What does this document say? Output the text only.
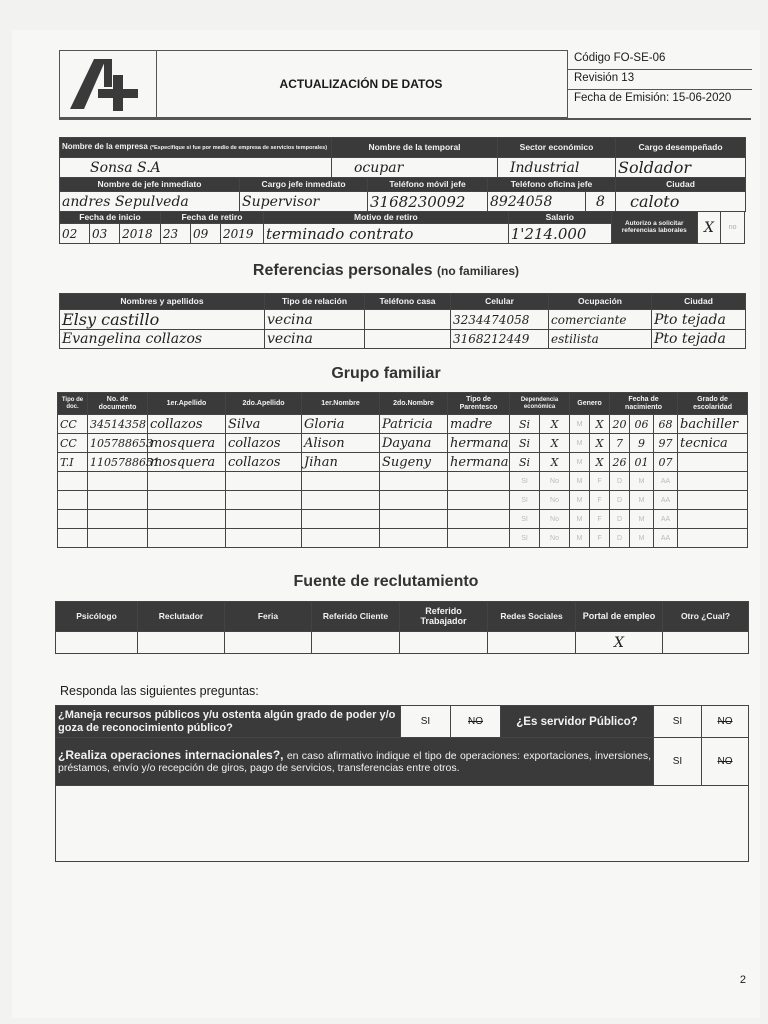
ACTUALIZACIÓN DE DATOS
Código FO-SE-06
Revisión 13
Fecha de Emisión: 15-06-2020
Nombre de la empresa (*Especifique si fue por medio de empresa de servicios temporales)	Nombre de la temporal	Sector económico	Cargo desempeñado
Sonsa S.A	ocupar	Industrial	Soldador
Nombre de jefe inmediato	Cargo jefe inmediato	Teléfono móvil jefe	Teléfono oficina jefe		Ciudad
andres Sepulveda	Supervisor	3168230092	8924058	8	caloto
Fecha de inicio			Fecha de retiro			Motivo de retiro	Salario	Autorizo a solicitar referencias laborales	X	no
02	03	2018	23	09	2019	terminado contrato	1'214.000			
Referencias personales (no familiares)
Nombres y apellidos	Tipo de relación	Teléfono casa	Celular	Ocupación	Ciudad
Elsy castillo	vecina		3234474058	comerciante	Pto tejada
Evangelina collazos	vecina		3168212449	estilista	Pto tejada
Grupo familiar
Tipo de doc.	No. de documento	1er.Apellido	2do.Apellido	1er.Nombre	2do.Nombre	Tipo de Parentesco	Dependencia económica		Genero		Fecha de nacimiento			Grado de escolaridad
CC	34514358	collazos	Silva	Gloria	Patricia	madre	Si	X	M	X	20	06	68	bachiller
CC	105788653	mosquera	collazos	Alison	Dayana	hermana	Si	X	M	X	7	9	97	tecnica
T.I	1105788651	mosquera	collazos	Jihan	Sugeny	hermana	Si	X	M	X	26	01	07	
							SI	No	M	F	D	M	AA	
							SI	No	M	F	D	M	AA	
							SI	No	M	F	D	M	AA	
							SI	No	M	F	D	M	AA	
Fuente de reclutamiento
Psicólogo	Reclutador	Feria	Referido Cliente	Referido Trabajador	Redes Sociales	Portal de empleo	Otro ¿Cual?
						X	
Responda las siguientes preguntas:
¿Maneja recursos públicos y/u ostenta algún grado de poder y/o goza de reconocimiento público?	SI	NO	¿Es servidor Público?	SI	NO
¿Realiza operaciones internacionales?, en caso afirmativo indique el tipo de operaciones: exportaciones, inversiones, préstamos, envío y/o recepción de giros, pago de servicios, transferencias entre otros.				SI	NO

2
